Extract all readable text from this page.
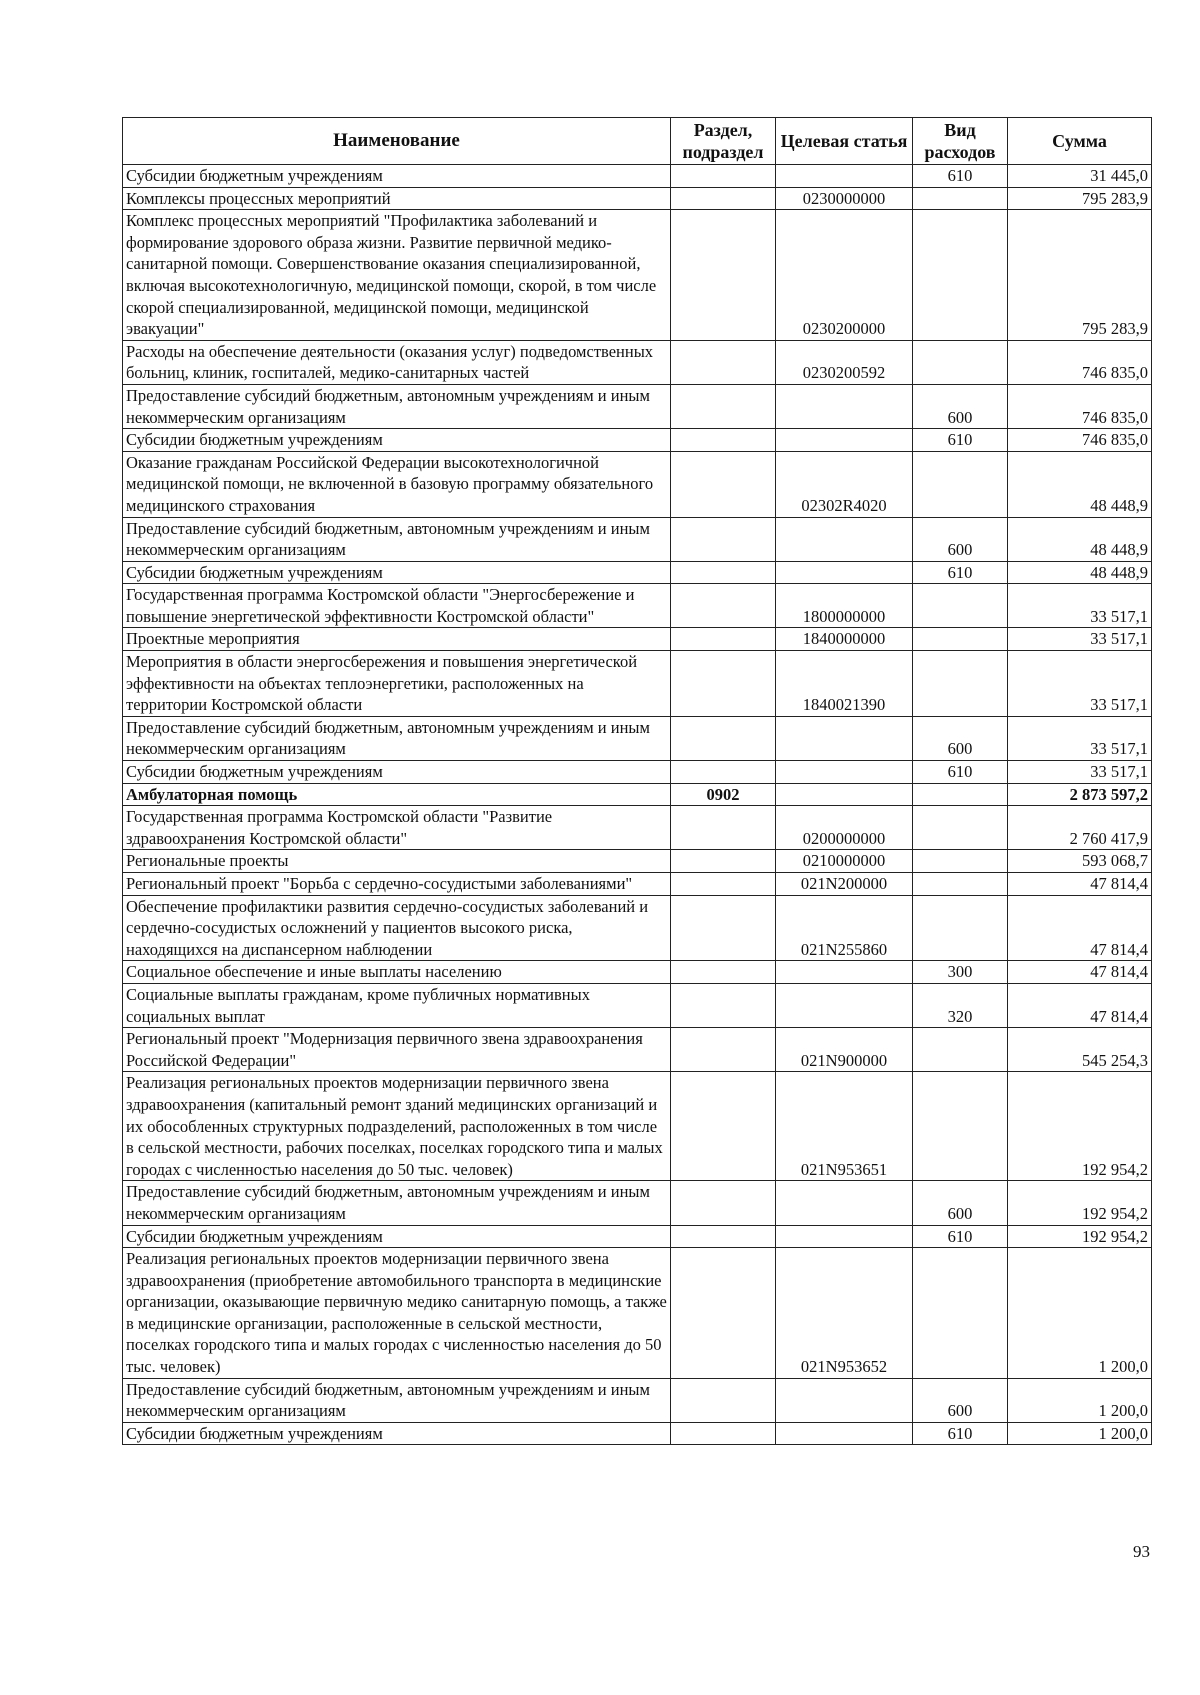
Наименование	Раздел, подраздел	Целевая статья	Вид расходов	Сумма
Субсидии бюджетным учреждениям			610	31 445,0
Комплексы процессных мероприятий		0230000000		795 283,9
Комплекс процессных мероприятий "Профилактика заболеваний и формирование здорового образа жизни. Развитие первичной медико-санитарной помощи. Совершенствование оказания специализированной, включая высокотехнологичную, медицинской помощи, скорой, в том числе скорой специализированной, медицинской помощи, медицинской эвакуации"		0230200000		795 283,9
Расходы на обеспечение деятельности (оказания услуг) подведомственных больниц, клиник, госпиталей, медико-санитарных частей		0230200592		746 835,0
Предоставление субсидий бюджетным, автономным учреждениям и иным некоммерческим организациям			600	746 835,0
Субсидии бюджетным учреждениям			610	746 835,0
Оказание гражданам Российской Федерации высокотехнологичной медицинской помощи, не включенной в базовую программу обязательного медицинского страхования		02302R4020		48 448,9
Предоставление субсидий бюджетным, автономным учреждениям и иным некоммерческим организациям			600	48 448,9
Субсидии бюджетным учреждениям			610	48 448,9
Государственная программа Костромской области "Энергосбережение и повышение энергетической эффективности Костромской области"		1800000000		33 517,1
Проектные мероприятия		1840000000		33 517,1
Мероприятия в области энергосбережения и повышения энергетической эффективности на объектах теплоэнергетики, расположенных на территории Костромской области		1840021390		33 517,1
Предоставление субсидий бюджетным, автономным учреждениям и иным некоммерческим организациям			600	33 517,1
Субсидии бюджетным учреждениям			610	33 517,1
Амбулаторная помощь	0902			2 873 597,2
Государственная программа Костромской области "Развитие здравоохранения Костромской области"		0200000000		2 760 417,9
Региональные проекты		0210000000		593 068,7
Региональный проект "Борьба с сердечно-сосудистыми заболеваниями"		021N200000		47 814,4
Обеспечение профилактики развития сердечно-сосудистых заболеваний и сердечно-сосудистых осложнений у пациентов высокого риска, находящихся на диспансерном наблюдении		021N255860		47 814,4
Социальное обеспечение и иные выплаты населению			300	47 814,4
Социальные выплаты гражданам, кроме публичных нормативных социальных выплат			320	47 814,4
Региональный проект "Модернизация первичного звена здравоохранения Российской Федерации"		021N900000		545 254,3
Реализация региональных проектов модернизации первичного звена здравоохранения (капитальный ремонт зданий медицинских организаций и их обособленных структурных подразделений, расположенных в том числе в сельской местности, рабочих поселках, поселках городского типа и малых городах с численностью населения до 50 тыс. человек)		021N953651		192 954,2
Предоставление субсидий бюджетным, автономным учреждениям и иным некоммерческим организациям			600	192 954,2
Субсидии бюджетным учреждениям			610	192 954,2
Реализация региональных проектов модернизации первичного звена здравоохранения (приобретение автомобильного транспорта в медицинские организации, оказывающие первичную медико санитарную помощь, а также в медицинские организации, расположенные в сельской местности, поселках городского типа и малых городах с численностью населения до 50 тыс. человек)		021N953652		1 200,0
Предоставление субсидий бюджетным, автономным учреждениям и иным некоммерческим организациям			600	1 200,0
Субсидии бюджетным учреждениям			610	1 200,0
93
